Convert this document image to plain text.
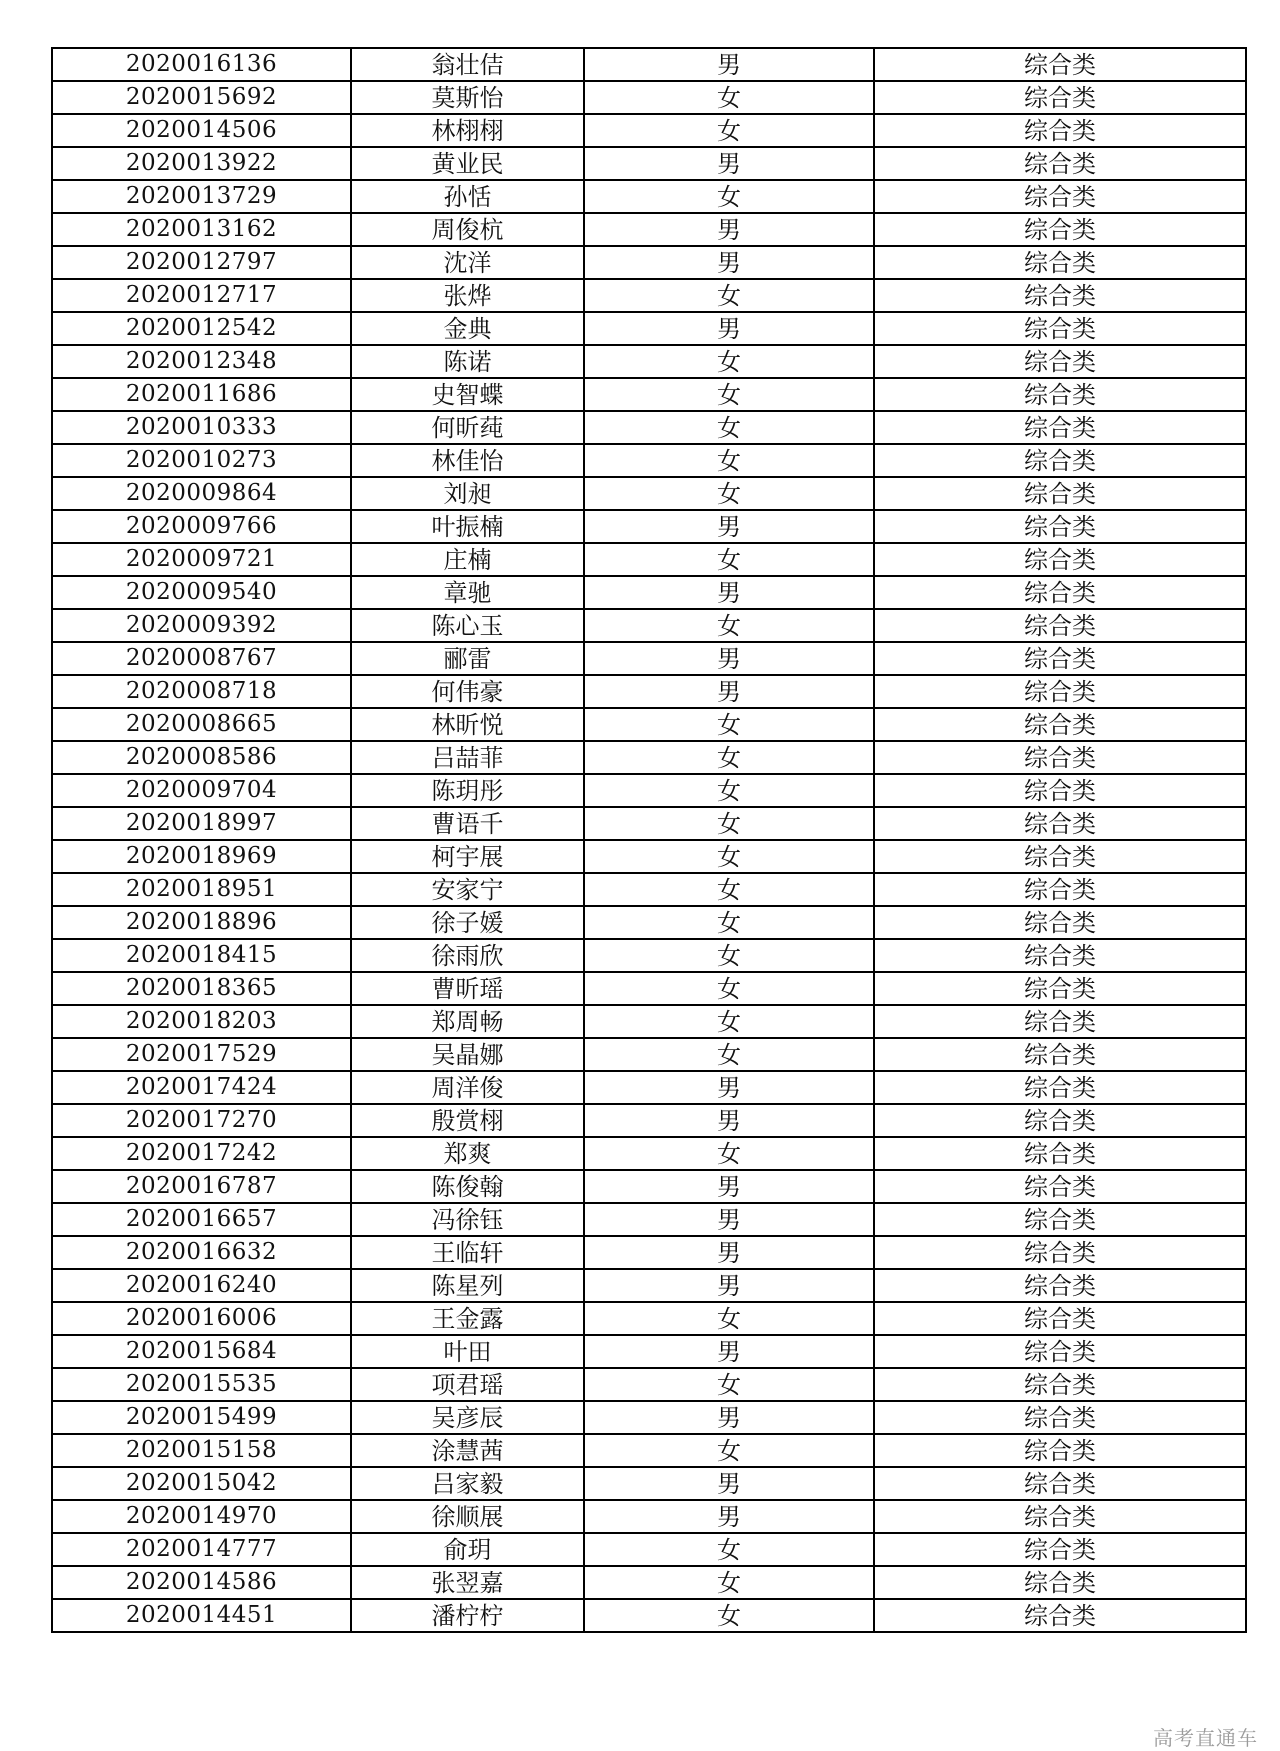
2020016136	翁壮佶	男	综合类
2020015692	莫斯怡	女	综合类
2020014506	林栩栩	女	综合类
2020013922	黄业民	男	综合类
2020013729	孙恬	女	综合类
2020013162	周俊杭	男	综合类
2020012797	沈洋	男	综合类
2020012717	张烨	女	综合类
2020012542	金典	男	综合类
2020012348	陈诺	女	综合类
2020011686	史智蝶	女	综合类
2020010333	何昕莼	女	综合类
2020010273	林佳怡	女	综合类
2020009864	刘昶	女	综合类
2020009766	叶振楠	男	综合类
2020009721	庄楠	女	综合类
2020009540	章驰	男	综合类
2020009392	陈心玉	女	综合类
2020008767	郦雷	男	综合类
2020008718	何伟豪	男	综合类
2020008665	林昕悦	女	综合类
2020008586	吕喆菲	女	综合类
2020009704	陈玥彤	女	综合类
2020018997	曹语千	女	综合类
2020018969	柯宇展	女	综合类
2020018951	安家宁	女	综合类
2020018896	徐子媛	女	综合类
2020018415	徐雨欣	女	综合类
2020018365	曹昕瑶	女	综合类
2020018203	郑周畅	女	综合类
2020017529	吴晶娜	女	综合类
2020017424	周洋俊	男	综合类
2020017270	殷赏栩	男	综合类
2020017242	郑爽	女	综合类
2020016787	陈俊翰	男	综合类
2020016657	冯徐钰	男	综合类
2020016632	王临轩	男	综合类
2020016240	陈星列	男	综合类
2020016006	王金露	女	综合类
2020015684	叶田	男	综合类
2020015535	项君瑶	女	综合类
2020015499	吴彦辰	男	综合类
2020015158	涂慧茜	女	综合类
2020015042	吕家毅	男	综合类
2020014970	徐顺展	男	综合类
2020014777	俞玥	女	综合类
2020014586	张翌嘉	女	综合类
2020014451	潘柠柠	女	综合类
高考直通车
